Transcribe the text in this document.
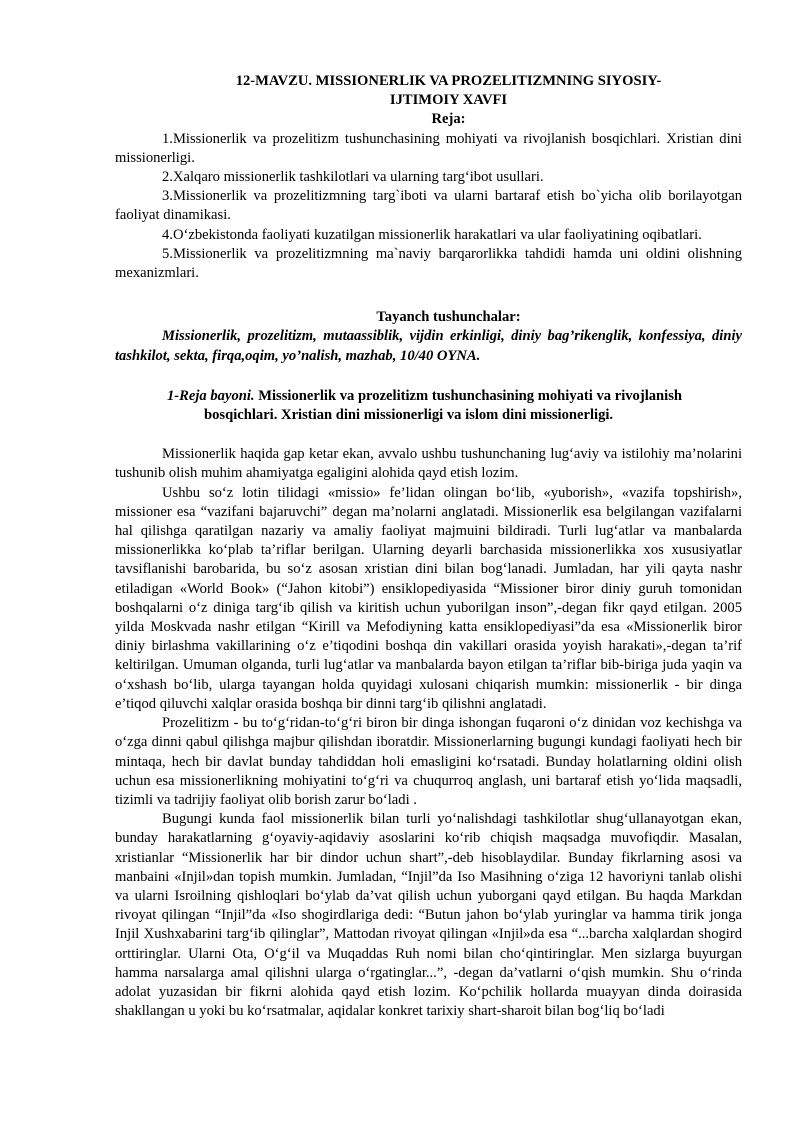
12-MAVZU. MISSIONERLIK VA PROZELITIZMNING SIYOSIY-
IJTIMOIY XAVFI

Reja:

1.Missionerlik va prozelitizm tushunchasining mohiyati va rivojlanish bosqichlari. Xristian dini missionerligi.

2.Xalqaro missionerlik tashkilotlari va ularning targ‘ibot usullari.

3.Missionerlik va prozelitizmning targ`iboti va ularni bartaraf etish bo`yicha olib borilayotgan faoliyat dinamikasi.

4.O‘zbekistonda faoliyati kuzatilgan missionerlik harakatlari va ular faoliyatining oqibatlari.

5.Missionerlik va prozelitizmning ma`naviy barqarorlikka tahdidi hamda uni oldini olishning mexanizmlari.

Tayanch tushunchalar:

Missionerlik, prozelitizm, mutaassiblik, vijdin erkinligi, diniy bag’rikenglik, konfessiya, diniy tashkilot, sekta, firqa,oqim, yo’nalish, mazhab, 10/40 OYNA.

1-Reja bayoni. Missionerlik va prozelitizm tushunchasining mohiyati va rivojlanish
bosqichlari. Xristian dini missionerligi va islom dini missionerligi.

Missionerlik haqida gap ketar ekan, avvalo ushbu tushunchaning lug‘aviy va istilohiy ma’nolarini tushunib olish muhim ahamiyatga egaligini alohida qayd etish lozim.

Ushbu so‘z lotin tilidagi «missio» fe’lidan olingan bo‘lib, «yuborish», «vazifa topshirish», missioner esa “vazifani bajaruvchi” degan ma’nolarni anglatadi. Missionerlik esa belgilangan vazifalarni hal qilishga qaratilgan nazariy va amaliy faoliyat majmuini bildiradi. Turli lug‘atlar va manbalarda missionerlikka ko‘plab ta’riflar berilgan. Ularning deyarli barchasida missionerlikka xos xususiyatlar tavsiflanishi barobarida, bu so‘z asosan xristian dini bilan bog‘lanadi. Jumladan, har yili qayta nashr etiladigan «World Book» (“Jahon kitobi”) ensiklopediyasida “Missioner biror diniy guruh tomonidan boshqalarni o‘z diniga targ‘ib qilish va kiritish uchun yuborilgan inson”,-degan fikr qayd etilgan. 2005 yilda Moskvada nashr etilgan “Kirill va Mefodiyning katta ensiklopediyasi”da esa «Missionerlik biror diniy birlashma vakillarining o‘z e’tiqodini boshqa din vakillari orasida yoyish harakati»,-degan ta’rif keltirilgan. Umuman olganda, turli lug‘atlar va manbalarda bayon etilgan ta’riflar bib-biriga juda yaqin va o‘xshash bo‘lib, ularga tayangan holda quyidagi xulosani chiqarish mumkin: missionerlik - bir dinga e’tiqod qiluvchi xalqlar orasida boshqa bir dinni targ‘ib qilishni anglatadi.

Prozelitizm - bu to‘g‘ridan-to‘g‘ri biron bir dinga ishongan fuqaroni o‘z dinidan voz kechishga va o‘zga dinni qabul qilishga majbur qilishdan iboratdir. Missionerlarning bugungi kundagi faoliyati hech bir mintaqa, hech bir davlat bunday tahdiddan holi emasligini ko‘rsatadi. Bunday holatlarning oldini olish uchun esa missionerlikning mohiyatini to‘g‘ri va chuqurroq anglash, uni bartaraf etish yo‘lida maqsadli, tizimli va tadrijiy faoliyat olib borish zarur bo‘ladi .

Bugungi kunda faol missionerlik bilan turli yo‘nalishdagi tashkilotlar shug‘ullanayotgan ekan, bunday harakatlarning g‘oyaviy-aqidaviy asoslarini ko‘rib chiqish maqsadga muvofiqdir. Masalan, xristianlar “Missionerlik har bir dindor uchun shart”,-deb hisoblaydilar. Bunday fikrlarning asosi va manbaini «Injil»dan topish mumkin. Jumladan, “Injil”da Iso Masihning o‘ziga 12 havoriyni tanlab olishi va ularni Isroilning qishloqlari bo‘ylab da’vat qilish uchun yuborgani qayd etilgan. Bu haqda Markdan rivoyat qilingan “Injil”da «Iso shogirdlariga dedi: “Butun jahon bo‘ylab yuringlar va hamma tirik jonga Injil Xushxabarini targ‘ib qilinglar”, Mattodan rivoyat qilingan «Injil»da esa “...barcha xalqlardan shogird orttiringlar. Ularni Ota, O‘g‘il va Muqaddas Ruh nomi bilan cho‘qintiringlar. Men sizlarga buyurgan hamma narsalarga amal qilishni ularga o‘rgatinglar...”, -degan da’vatlarni o‘qish mumkin. Shu o‘rinda adolat yuzasidan bir fikrni alohida qayd etish lozim. Ko‘pchilik hollarda muayyan dinda doirasida shakllangan u yoki bu ko‘rsatmalar, aqidalar konkret tarixiy shart-sharoit bilan bog‘liq bo‘ladi
